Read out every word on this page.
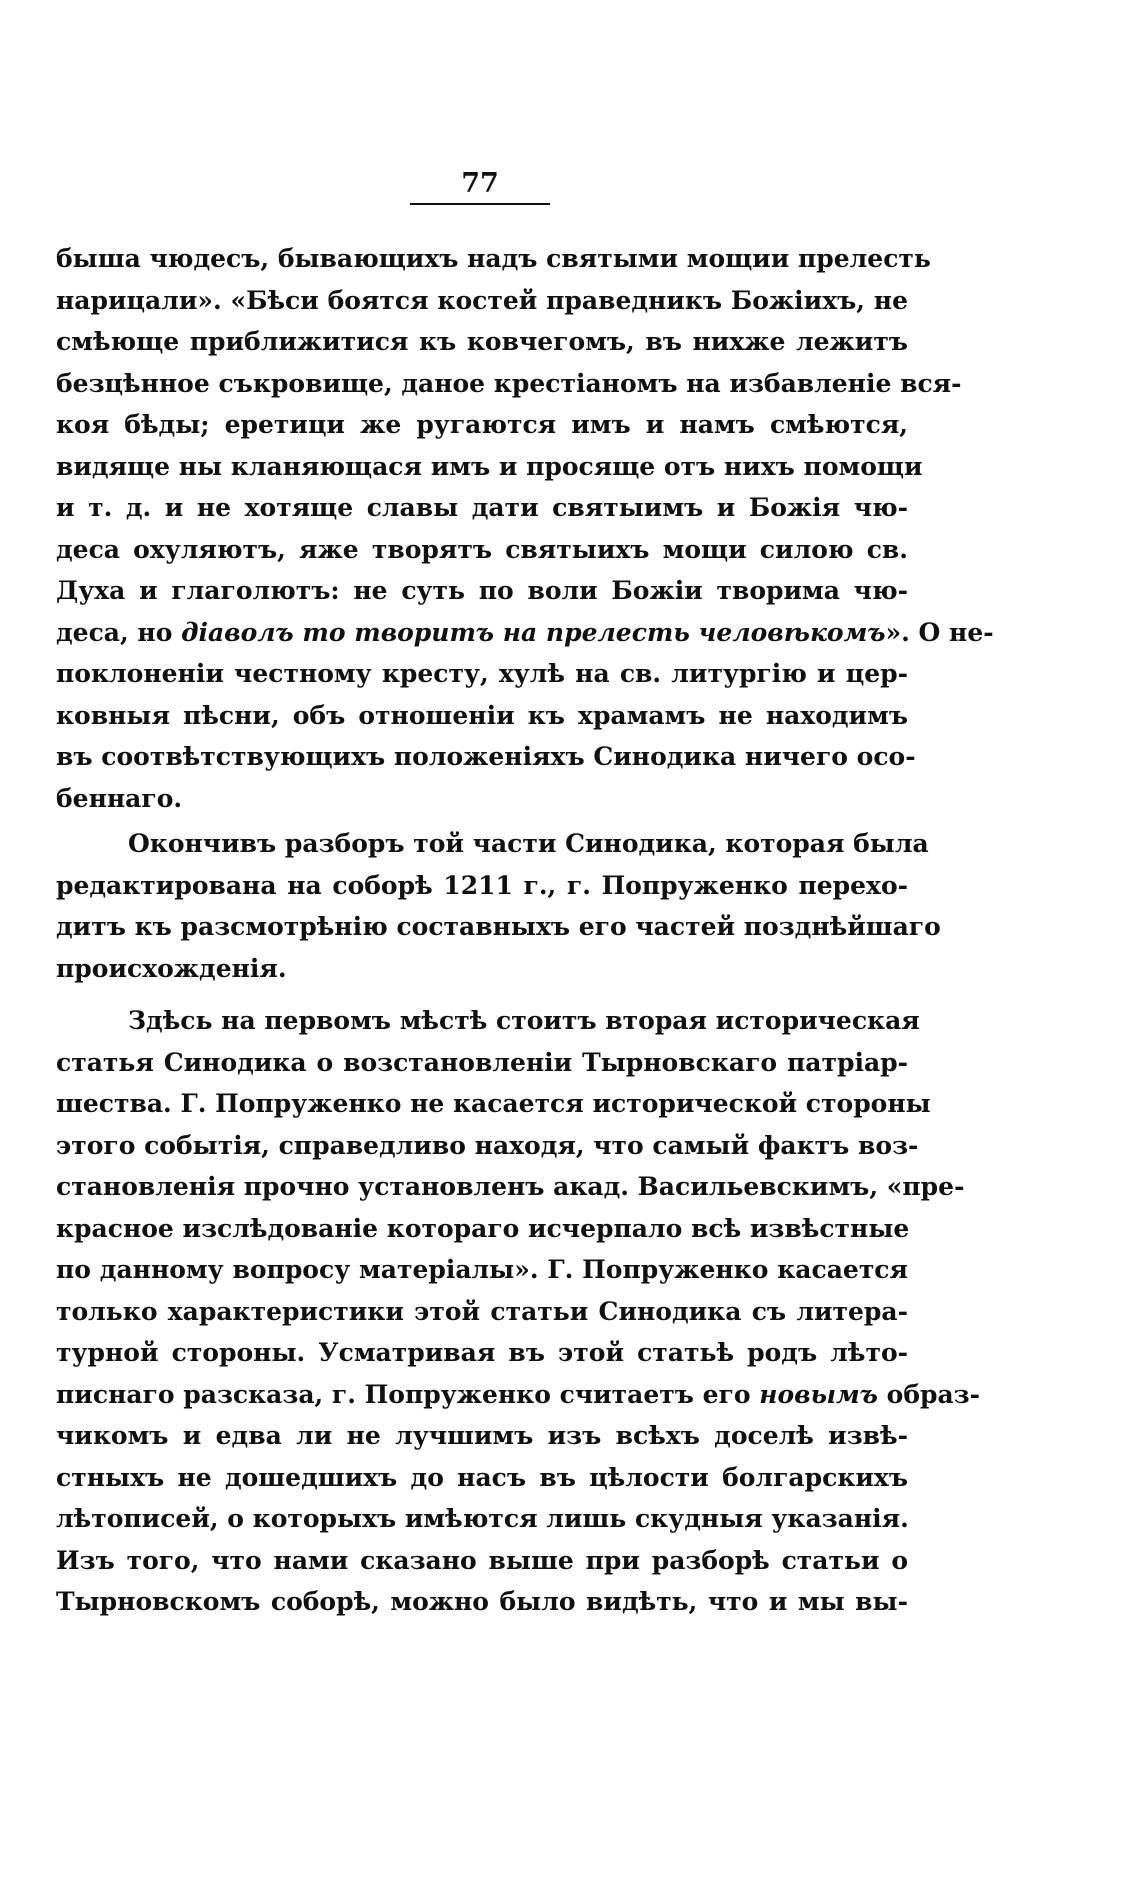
77
быша чюдесъ, бывающихъ надъ святыми мощии прелесть
нарицали». «Бѣси боятся костей праведникъ Божіихъ, не
смѣюще приближитися къ ковчегомъ, въ нихже лежитъ
безцѣнное съкровище, даное крестіаномъ на избавленіе вся-
коя бѣды; еретици же ругаются имъ и намъ смѣются,
видяще ны кланяющася имъ и просяще отъ нихъ помощи
и т. д. и не хотяще славы дати святыимъ и Божія чю-
деса охуляютъ, яже творятъ святыихъ мощи силою св.
Духа и глаголютъ: не суть по воли Божіи творима чю-
деса, но діаволъ то творитъ на прелесть человѣкомъ». О не-
поклоненіи честному кресту, хулѣ на св. литургію и цер-
ковныя пѣсни, объ отношеніи къ храмамъ не находимъ
въ соотвѣтствующихъ положеніяхъ Синодика ничего осо-
беннаго.
Окончивъ разборъ той части Синодика, которая была
редактирована на соборѣ 1211 г., г. Попруженко перехо-
дитъ къ разсмотрѣнію составныхъ его частей позднѣйшаго
происхожденія.
Здѣсь на первомъ мѣстѣ стоитъ вторая историческая
статья Синодика о возстановленіи Тырновскаго патріар-
шества. Г. Попруженко не касается исторической стороны
этого событія, справедливо находя, что самый фактъ воз-
становленія прочно установленъ акад. Васильевскимъ, «пре-
красное изслѣдованіе котораго исчерпало всѣ извѣстные
по данному вопросу матеріалы». Г. Попруженко касается
только характеристики этой статьи Синодика съ литера-
турной стороны. Усматривая въ этой статьѣ родъ лѣто-
писнаго разсказа, г. Попруженко считаетъ его новымъ образ-
чикомъ и едва ли не лучшимъ изъ всѣхъ доселѣ извѣ-
стныхъ не дошедшихъ до насъ въ цѣлости болгарскихъ
лѣтописей, о которыхъ имѣются лишь скудныя указанія.
Изъ того, что нами сказано выше при разборѣ статьи о
Тырновскомъ соборѣ, можно было видѣть, что и мы вы-
